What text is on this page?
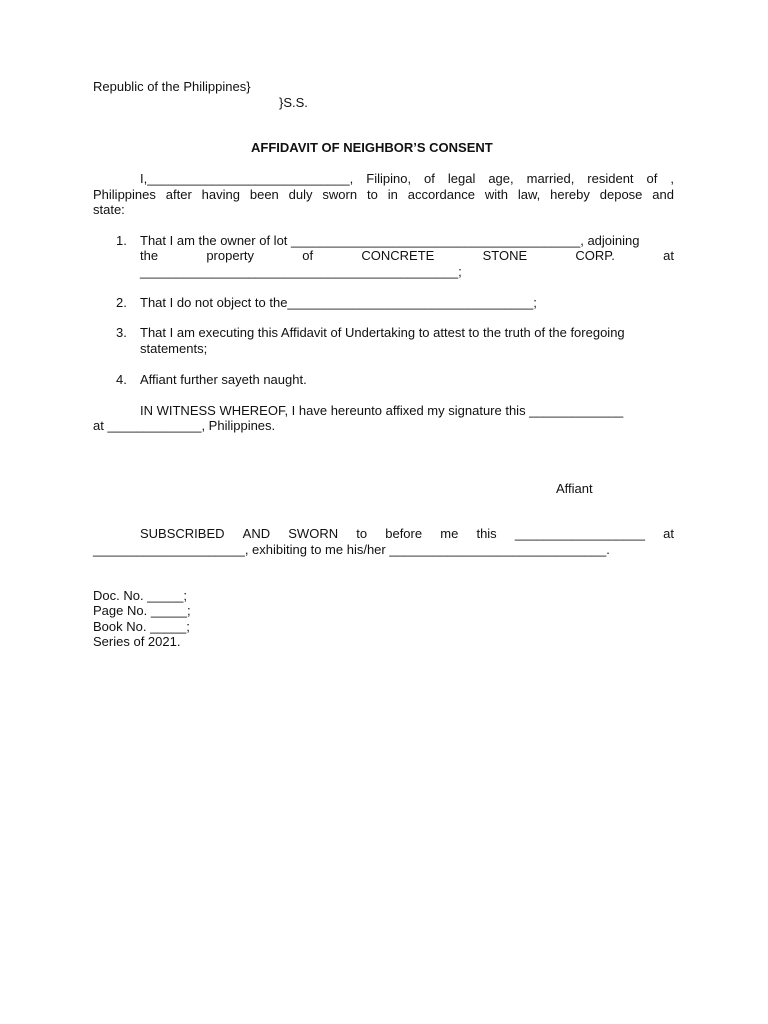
Republic of the Philippines}
}S.S.
AFFIDAVIT OF NEIGHBOR’S CONSENT
I,____________________________, Filipino, of legal age, married, resident of ,
Philippines after having been duly sworn to in accordance with law, hereby depose and
state:
1. That I am the owner of lot ________________________________________, adjoining
the	property	of	CONCRETE	STONE	CORP.	at
____________________________________________;
2. That I do not object to the__________________________________;
3. That I am executing this Affidavit of Undertaking to attest to the truth of the foregoing
statements;
4. Affiant further sayeth naught.
IN WITNESS WHEREOF, I have hereunto affixed my signature this _____________
at _____________, Philippines.
Affiant
SUBSCRIBED AND SWORN to before me this __________________ at
_____________________, exhibiting to me his/her ______________________________.
Doc. No. _____;
Page No. _____;
Book No. _____;
Series of 2021.
